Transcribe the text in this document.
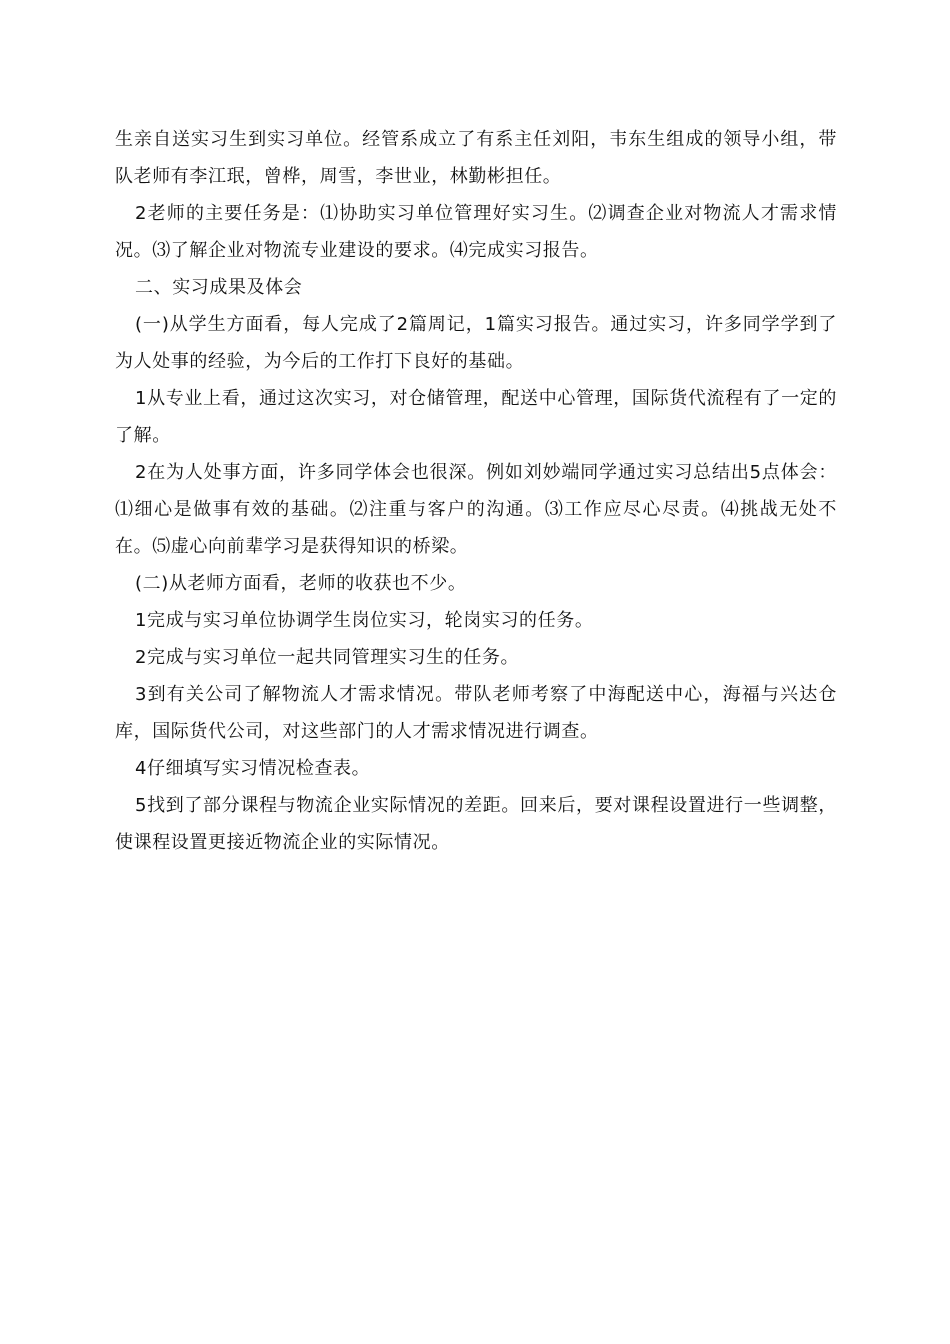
生亲自送实习生到实习单位。经管系成立了有系主任刘阳，韦东生组成的领导小组，带队老师有李江珉，曾桦，周雪，李世业，林勤彬担任。

2老师的主要任务是：⑴协助实习单位管理好实习生。⑵调查企业对物流人才需求情况。⑶了解企业对物流专业建设的要求。⑷完成实习报告。

二、实习成果及体会

(一)从学生方面看，每人完成了2篇周记，1篇实习报告。通过实习，许多同学学到了为人处事的经验，为今后的工作打下良好的基础。

1从专业上看，通过这次实习，对仓储管理，配送中心管理，国际货代流程有了一定的了解。

2在为人处事方面，许多同学体会也很深。例如刘妙端同学通过实习总结出5点体会：⑴细心是做事有效的基础。⑵注重与客户的沟通。⑶工作应尽心尽责。⑷挑战无处不在。⑸虚心向前辈学习是获得知识的桥梁。

(二)从老师方面看，老师的收获也不少。

1完成与实习单位协调学生岗位实习，轮岗实习的任务。

2完成与实习单位一起共同管理实习生的任务。

3到有关公司了解物流人才需求情况。带队老师考察了中海配送中心，海福与兴达仓库，国际货代公司，对这些部门的人才需求情况进行调查。

4仔细填写实习情况检查表。

5找到了部分课程与物流企业实际情况的差距。回来后，要对课程设置进行一些调整，使课程设置更接近物流企业的实际情况。
